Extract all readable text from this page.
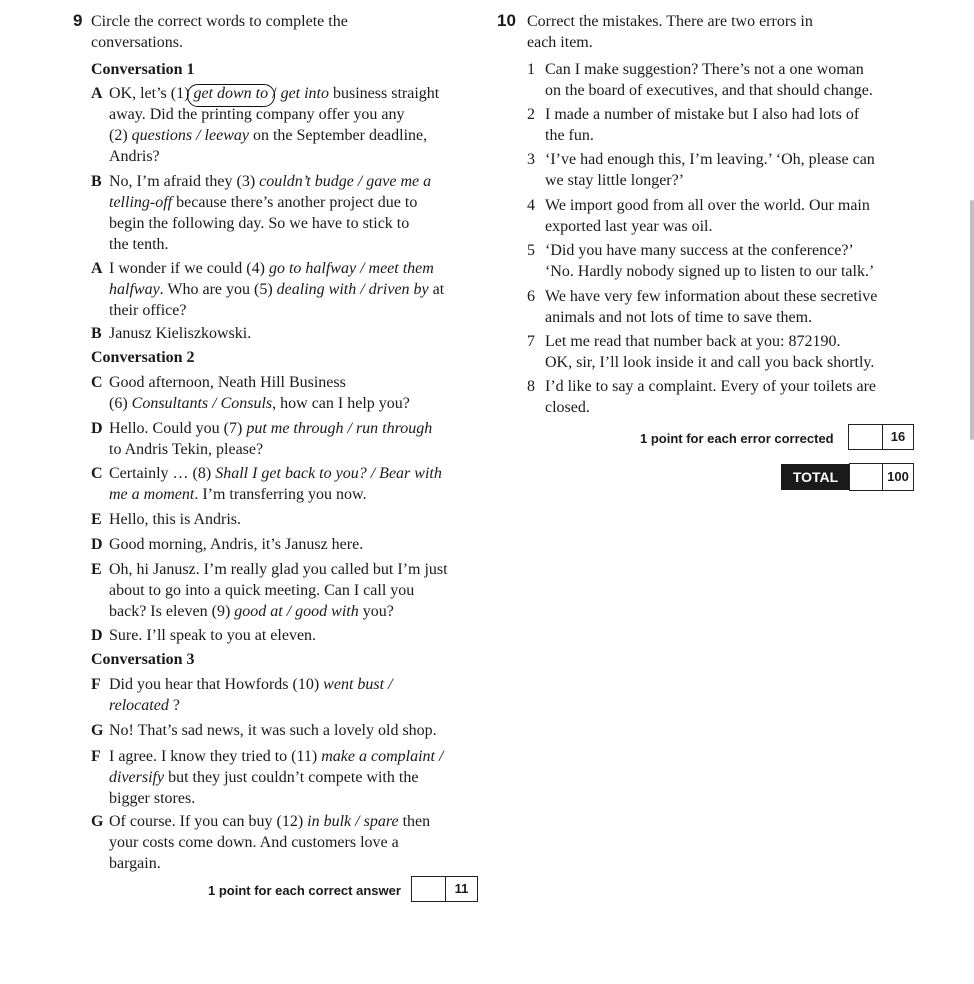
9 Circle the correct words to complete the
conversations.
Conversation 1
A OK, let’s (1) get down to
/ get into business straight
away. Did the printing company offer you any
(2) questions / leeway on the September deadline,
Andris?
B No, I’m afraid they (3) couldn’t budge / gave me a
telling-off because there’s another project due to
begin the following day. So we have to stick to
the tenth.
A I wonder if we could (4) go to halfway / meet them
halfway. Who are you (5) dealing with / driven by at
their office?
B Janusz Kieliszkowski.
Conversation 2
C Good afternoon, Neath Hill Business
(6) Consultants / Consuls, how can I help you?
D Hello. Could you (7) put me through / run through
to Andris Tekin, please?
C Certainly … (8) Shall I get back to you? / Bear with
me a moment. I’m transferring you now.
E Hello, this is Andris.
D Good morning, Andris, it’s Janusz here.
E Oh, hi Janusz. I’m really glad you called but I’m just
about to go into a quick meeting. Can I call you
back? Is eleven (9) good at / good with you?
D Sure. I’ll speak to you at eleven.
Conversation 3
F Did you hear that Howfords (10) went bust /
relocated ?
G No! That’s sad news, it was such a lovely old shop.
F I agree. I know they tried to (11) make a complaint /
diversify but they just couldn’t compete with the
bigger stores.
G Of course. If you can buy (12) in bulk / spare then
your costs come down. And customers love a
bargain.
1 point for each correct answer	11
10 Correct the mistakes. There are two errors in
each item.
1 Can I make suggestion? There’s not a one woman
on the board of executives, and that should change.
2 I made a number of mistake but I also had lots of
the fun.
3 ‘I’ve had enough this, I’m leaving.’ ‘Oh, please can
we stay little longer?’
4 We import good from all over the world. Our main
exported last year was oil.
5 ‘Did you have many success at the conference?’
‘No. Hardly nobody signed up to listen to our talk.’
6 We have very few information about these secretive
animals and not lots of time to save them.
7 Let me read that number back at you: 872190.
OK, sir, I’ll look inside it and call you back shortly.
8 I’d like to say a complaint. Every of your toilets are
closed.
1 point for each error corrected	16
TOTAL	100
